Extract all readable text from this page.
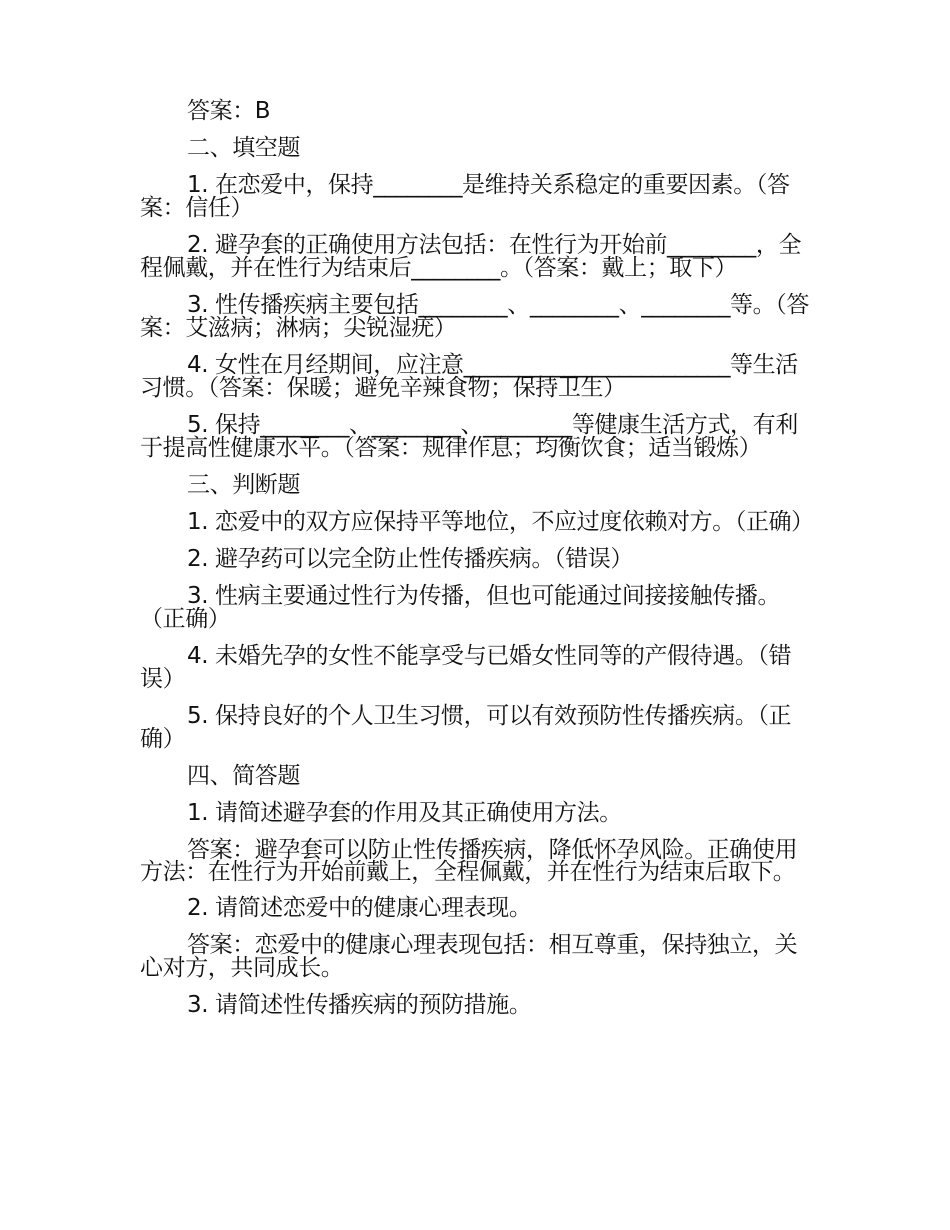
答案：B

二、填空题

1. 在恋爱中，保持________是维持关系稳定的重要因素。（答案：信任）

2. 避孕套的正确使用方法包括：在性行为开始前________，全程佩戴，并在性行为结束后________。（答案：戴上；取下）

3. 性传播疾病主要包括________、________、________等。（答案：艾滋病；淋病；尖锐湿疣）

4. 女性在月经期间，应注意________________________等生活习惯。（答案：保暖；避免辛辣食物；保持卫生）

5. 保持________、________、________等健康生活方式，有利于提高性健康水平。（答案：规律作息；均衡饮食；适当锻炼）

三、判断题

1. 恋爱中的双方应保持平等地位，不应过度依赖对方。（正确）

2. 避孕药可以完全防止性传播疾病。（错误）

3. 性病主要通过性行为传播，但也可能通过间接接触传播。（正确）

4. 未婚先孕的女性不能享受与已婚女性同等的产假待遇。（错误）

5. 保持良好的个人卫生习惯，可以有效预防性传播疾病。（正确）

四、简答题

1. 请简述避孕套的作用及其正确使用方法。

答案：避孕套可以防止性传播疾病，降低怀孕风险。正确使用方法：在性行为开始前戴上，全程佩戴，并在性行为结束后取下。

2. 请简述恋爱中的健康心理表现。

答案：恋爱中的健康心理表现包括：相互尊重，保持独立，关心对方，共同成长。

3. 请简述性传播疾病的预防措施。
